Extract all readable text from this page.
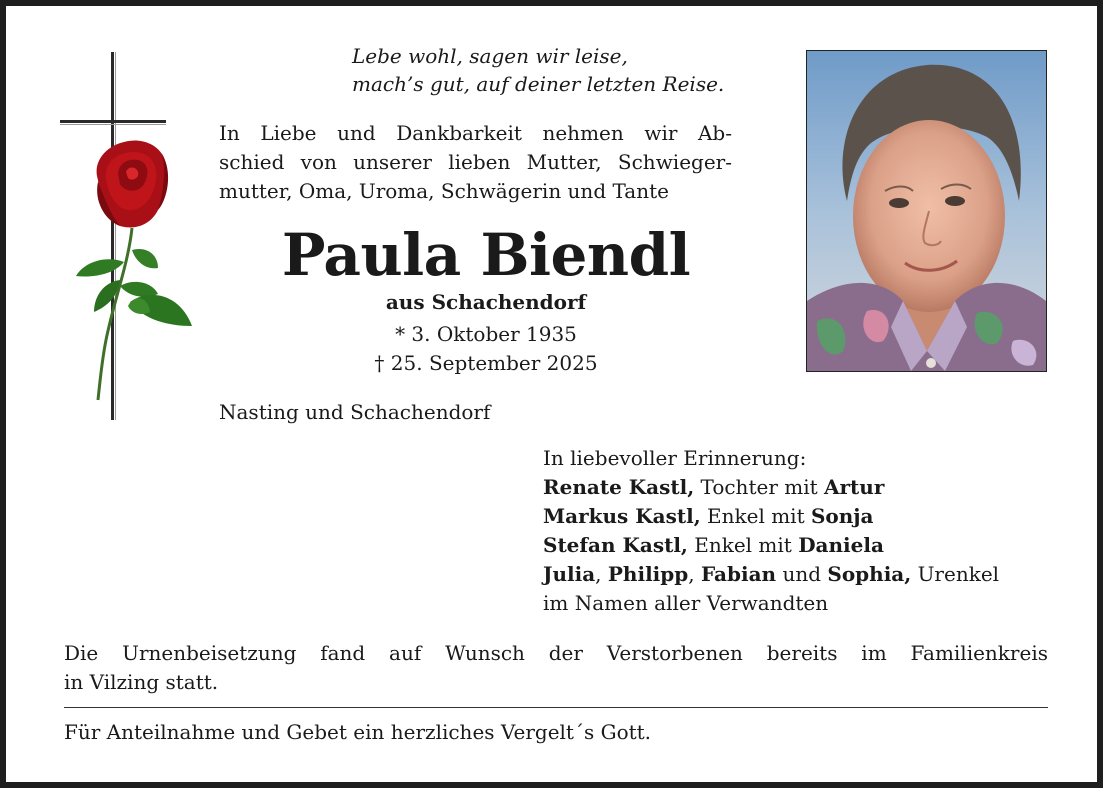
Lebe wohl, sagen wir leise,
mach’s gut, auf deiner letzten Reise.
In Liebe und Dankbarkeit nehmen wir Ab-
schied von unserer lieben Mutter, Schwieger-
mutter, Oma, Uroma, Schwägerin und Tante
Paula Biendl
aus Schachendorf
* 3. Oktober 1935
† 25. September 2025
Nasting und Schachendorf
In liebevoller Erinnerung:
Renate Kastl, Tochter mit Artur
Markus Kastl, Enkel mit Sonja
Stefan Kastl, Enkel mit Daniela
Julia, Philipp, Fabian und Sophia, Urenkel
im Namen aller Verwandten
Die Urnenbeisetzung fand auf Wunsch der Verstorbenen bereits im Familienkreis
in Vilzing statt.
Für Anteilnahme und Gebet ein herzliches Vergelt´s Gott.
